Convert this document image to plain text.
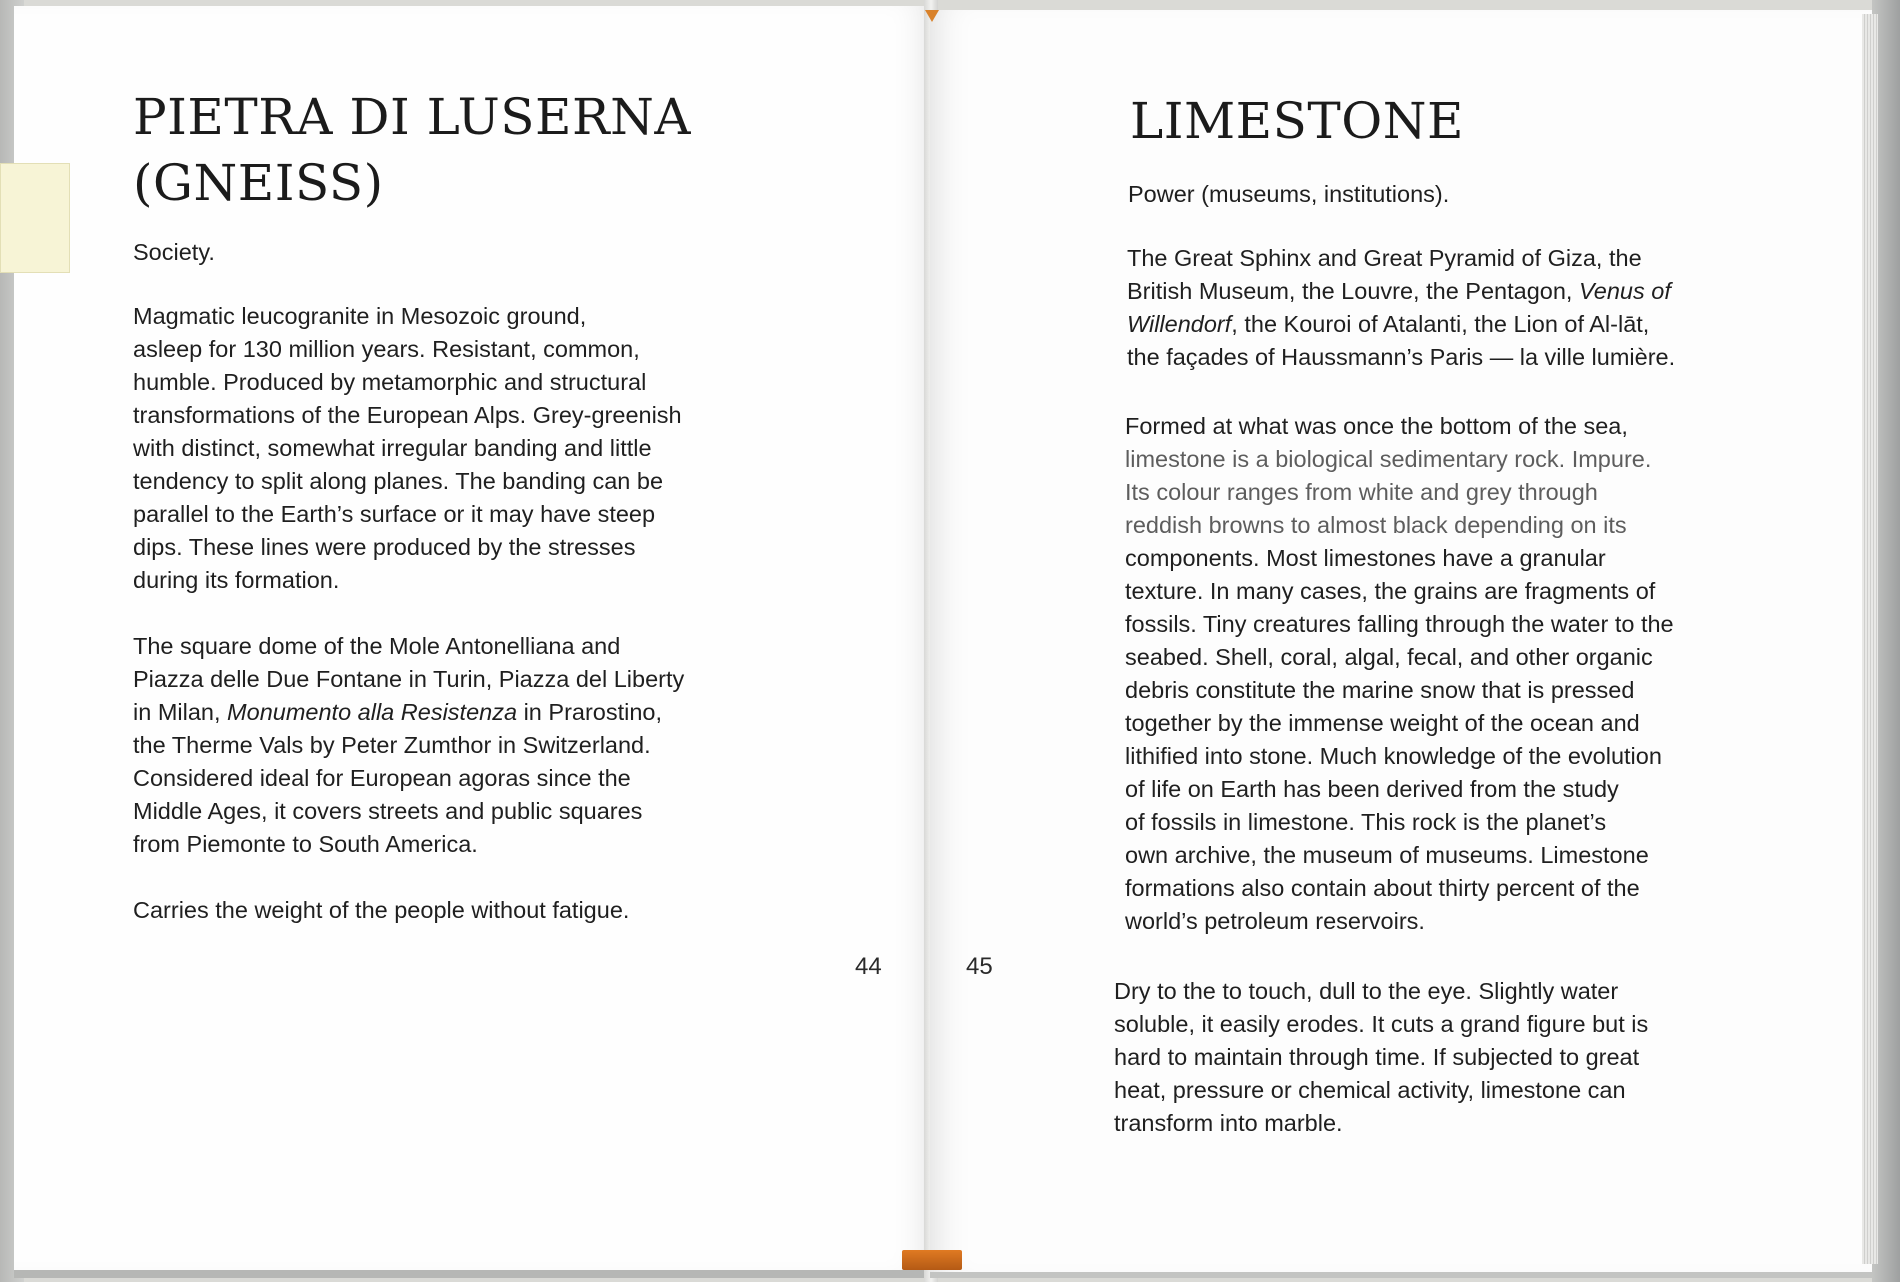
PIETRA DI LUSERNA
(GNEISS)

Society.

Magmatic leucogranite in Mesozoic ground,
asleep for 130 million years. Resistant, common,
humble. Produced by metamorphic and structural
transformations of the European Alps. Grey-greenish
with distinct, somewhat irregular banding and little
tendency to split along planes. The banding can be
parallel to the Earth’s surface or it may have steep
dips. These lines were produced by the stresses
during its formation.

The square dome of the Mole Antonelliana and
Piazza delle Due Fontane in Turin, Piazza del Liberty
in Milan, Monumento alla Resistenza in Prarostino,
the Therme Vals by Peter Zumthor in Switzerland.
Considered ideal for European agoras since the
Middle Ages, it covers streets and public squares
from Piemonte to South America.

Carries the weight of the people without fatigue.

44
LIMESTONE

Power (museums, institutions).

The Great Sphinx and Great Pyramid of Giza, the
British Museum, the Louvre, the Pentagon, Venus of
Willendorf, the Kouroi of Atalanti, the Lion of Al-lāt,
the façades of Haussmann’s Paris — la ville lumière.

Formed at what was once the bottom of the sea,
limestone is a biological sedimentary rock. Impure.
Its colour ranges from white and grey through
reddish browns to almost black depending on its
components. Most limestones have a granular
texture. In many cases, the grains are fragments of
fossils. Tiny creatures falling through the water to the
seabed. Shell, coral, algal, fecal, and other organic
debris constitute the marine snow that is pressed
together by the immense weight of the ocean and
lithified into stone. Much knowledge of the evolution
of life on Earth has been derived from the study
of fossils in limestone. This rock is the planet’s
own archive, the museum of museums. Limestone
formations also contain about thirty percent of the
world’s petroleum reservoirs.

45

Dry to the to touch, dull to the eye. Slightly water
soluble, it easily erodes. It cuts a grand figure but is
hard to maintain through time. If subjected to great
heat, pressure or chemical activity, limestone can
transform into marble.
